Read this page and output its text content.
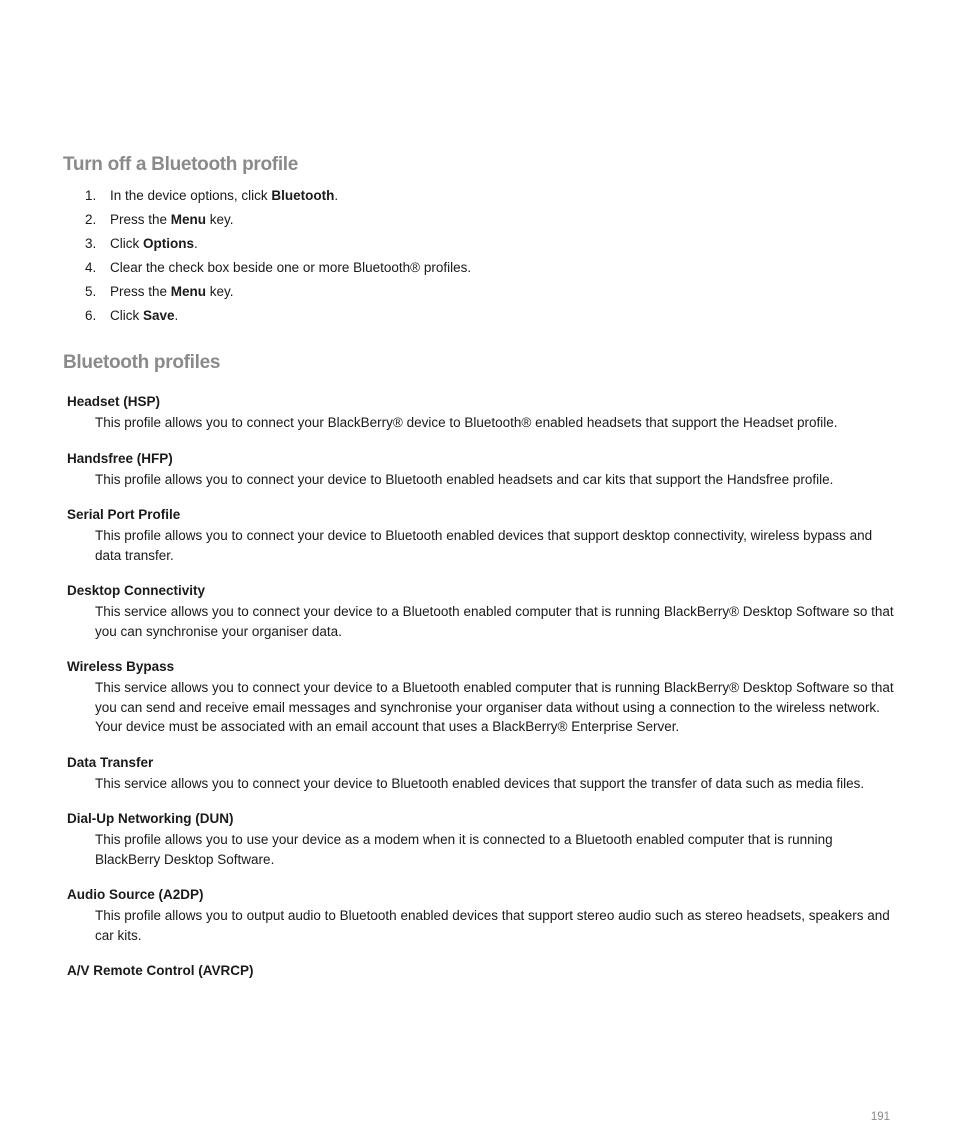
Turn off a Bluetooth profile
1.	In the device options, click Bluetooth.
2.	Press the Menu key.
3.	Click Options.
4.	Clear the check box beside one or more Bluetooth® profiles.
5.	Press the Menu key.
6.	Click Save.
Bluetooth profiles
Headset (HSP)
This profile allows you to connect your BlackBerry® device to Bluetooth® enabled headsets that support the Headset profile.
Handsfree (HFP)
This profile allows you to connect your device to Bluetooth enabled headsets and car kits that support the Handsfree profile.
Serial Port Profile
This profile allows you to connect your device to Bluetooth enabled devices that support desktop connectivity, wireless bypass and data transfer.
Desktop Connectivity
This service allows you to connect your device to a Bluetooth enabled computer that is running BlackBerry® Desktop Software so that you can synchronise your organiser data.
Wireless Bypass
This service allows you to connect your device to a Bluetooth enabled computer that is running BlackBerry® Desktop Software so that you can send and receive email messages and synchronise your organiser data without using a connection to the wireless network. Your device must be associated with an email account that uses a BlackBerry® Enterprise Server.
Data Transfer
This service allows you to connect your device to Bluetooth enabled devices that support the transfer of data such as media files.
Dial-Up Networking (DUN)
This profile allows you to use your device as a modem when it is connected to a Bluetooth enabled computer that is running BlackBerry Desktop Software.
Audio Source (A2DP)
This profile allows you to output audio to Bluetooth enabled devices that support stereo audio such as stereo headsets, speakers and car kits.
A/V Remote Control (AVRCP)
191
